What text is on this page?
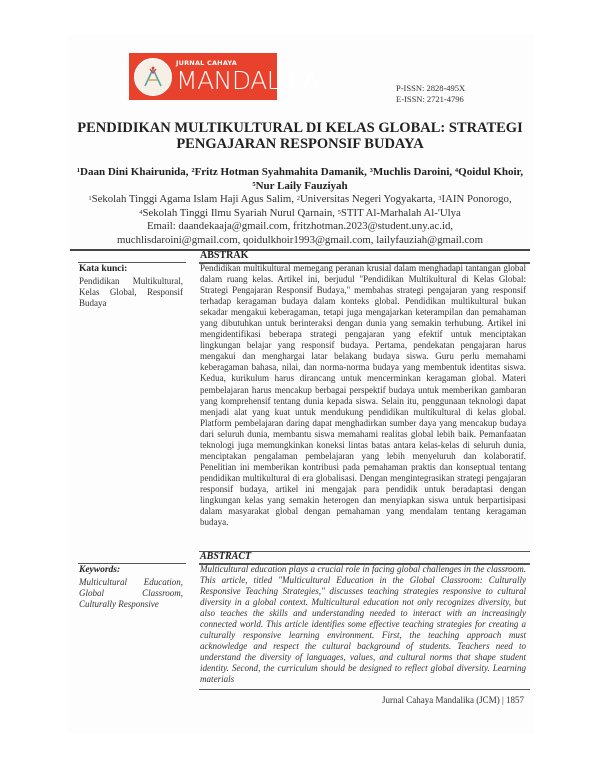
JURNAL CAHAYA
MANDALIKA	P-ISSN: 2828-495X
E-ISSN: 2721-4796
PENDIDIKAN MULTIKULTURAL DI KELAS GLOBAL: STRATEGI
PENGAJARAN RESPONSIF BUDAYA
$^1$Daan Dini Khairunida, $^2$Fritz Hotman Syahmahita Damanik, $^3$Muchlis Daroini, $^4$Qoidul Khoir, $^5$Nur Laily Fauziyah
$^1$Sekolah Tinggi Agama Islam Haji Agus Salim, $^2$Universitas Negeri Yogyakarta, $^3$IAIN Ponorogo, $^4$Sekolah Tinggi Ilmu Syariah Nurul Qarnain, $^5$STIT Al-Marhalah Al-'Ulya
Email: daandekaaja@gmail.com, fritzhotman.2023@student.uny.ac.id,
muchlisdaroini@gmail.com, qoidulkhoir1993@gmail.com, lailyfauziah@gmail.com
Kata kunci:
Pendidikan Multikultural, Kelas Global, Responsif Budaya
ABSTRAK
Pendidikan multikultural memegang peranan krusial dalam menghadapi tantangan global dalam ruang kelas. Artikel ini, berjudul "Pendidikan Multikultural di Kelas Global: Strategi Pengajaran Responsif Budaya," membahas strategi pengajaran yang responsif terhadap keragaman budaya dalam konteks global. Pendidikan multikultural bukan sekadar mengakui keberagaman, tetapi juga mengajarkan keterampilan dan pemahaman yang dibutuhkan untuk berinteraksi dengan dunia yang semakin terhubung. Artikel ini mengidentifikasi beberapa strategi pengajaran yang efektif untuk menciptakan lingkungan belajar yang responsif budaya. Pertama, pendekatan pengajaran harus mengakui dan menghargai latar belakang budaya siswa. Guru perlu memahami keberagaman bahasa, nilai, dan norma-norma budaya yang membentuk identitas siswa. Kedua, kurikulum harus dirancang untuk mencerminkan keragaman global. Materi pembelajaran harus mencakup berbagai perspektif budaya untuk memberikan gambaran yang komprehensif tentang dunia kepada siswa. Selain itu, penggunaan teknologi dapat menjadi alat yang kuat untuk mendukung pendidikan multikultural di kelas global. Platform pembelajaran daring dapat menghadirkan sumber daya yang mencakup budaya dari seluruh dunia, membantu siswa memahami realitas global lebih baik. Pemanfaatan teknologi juga memungkinkan koneksi lintas batas antara kelas-kelas di seluruh dunia, menciptakan pengalaman pembelajaran yang lebih menyeluruh dan kolaboratif. Penelitian ini memberikan kontribusi pada pemahaman praktis dan konseptual tentang pendidikan multikultural di era globalisasi. Dengan mengintegrasikan strategi pengajaran responsif budaya, artikel ini mengajak para pendidik untuk beradaptasi dengan lingkungan kelas yang semakin heterogen dan menyiapkan siswa untuk berpartisipasi dalam masyarakat global dengan pemahaman yang mendalam tentang keragaman budaya.
Keywords:
Multicultural Education, Global Classroom, Culturally Responsive
ABSTRACT
Multicultural education plays a crucial role in facing global challenges in the classroom. This article, titled "Multicultural Education in the Global Classroom: Culturally Responsive Teaching Strategies," discusses teaching strategies responsive to cultural diversity in a global context. Multicultural education not only recognizes diversity, but also teaches the skills and understanding needed to interact with an increasingly connected world. This article identifies some effective teaching strategies for creating a culturally responsive learning environment. First, the teaching approach must acknowledge and respect the cultural background of students. Teachers need to understand the diversity of languages, values, and cultural norms that shape student identity. Second, the curriculum should be designed to reflect global diversity. Learning materials
Jurnal Cahaya Mandalika (JCM) | 1857
